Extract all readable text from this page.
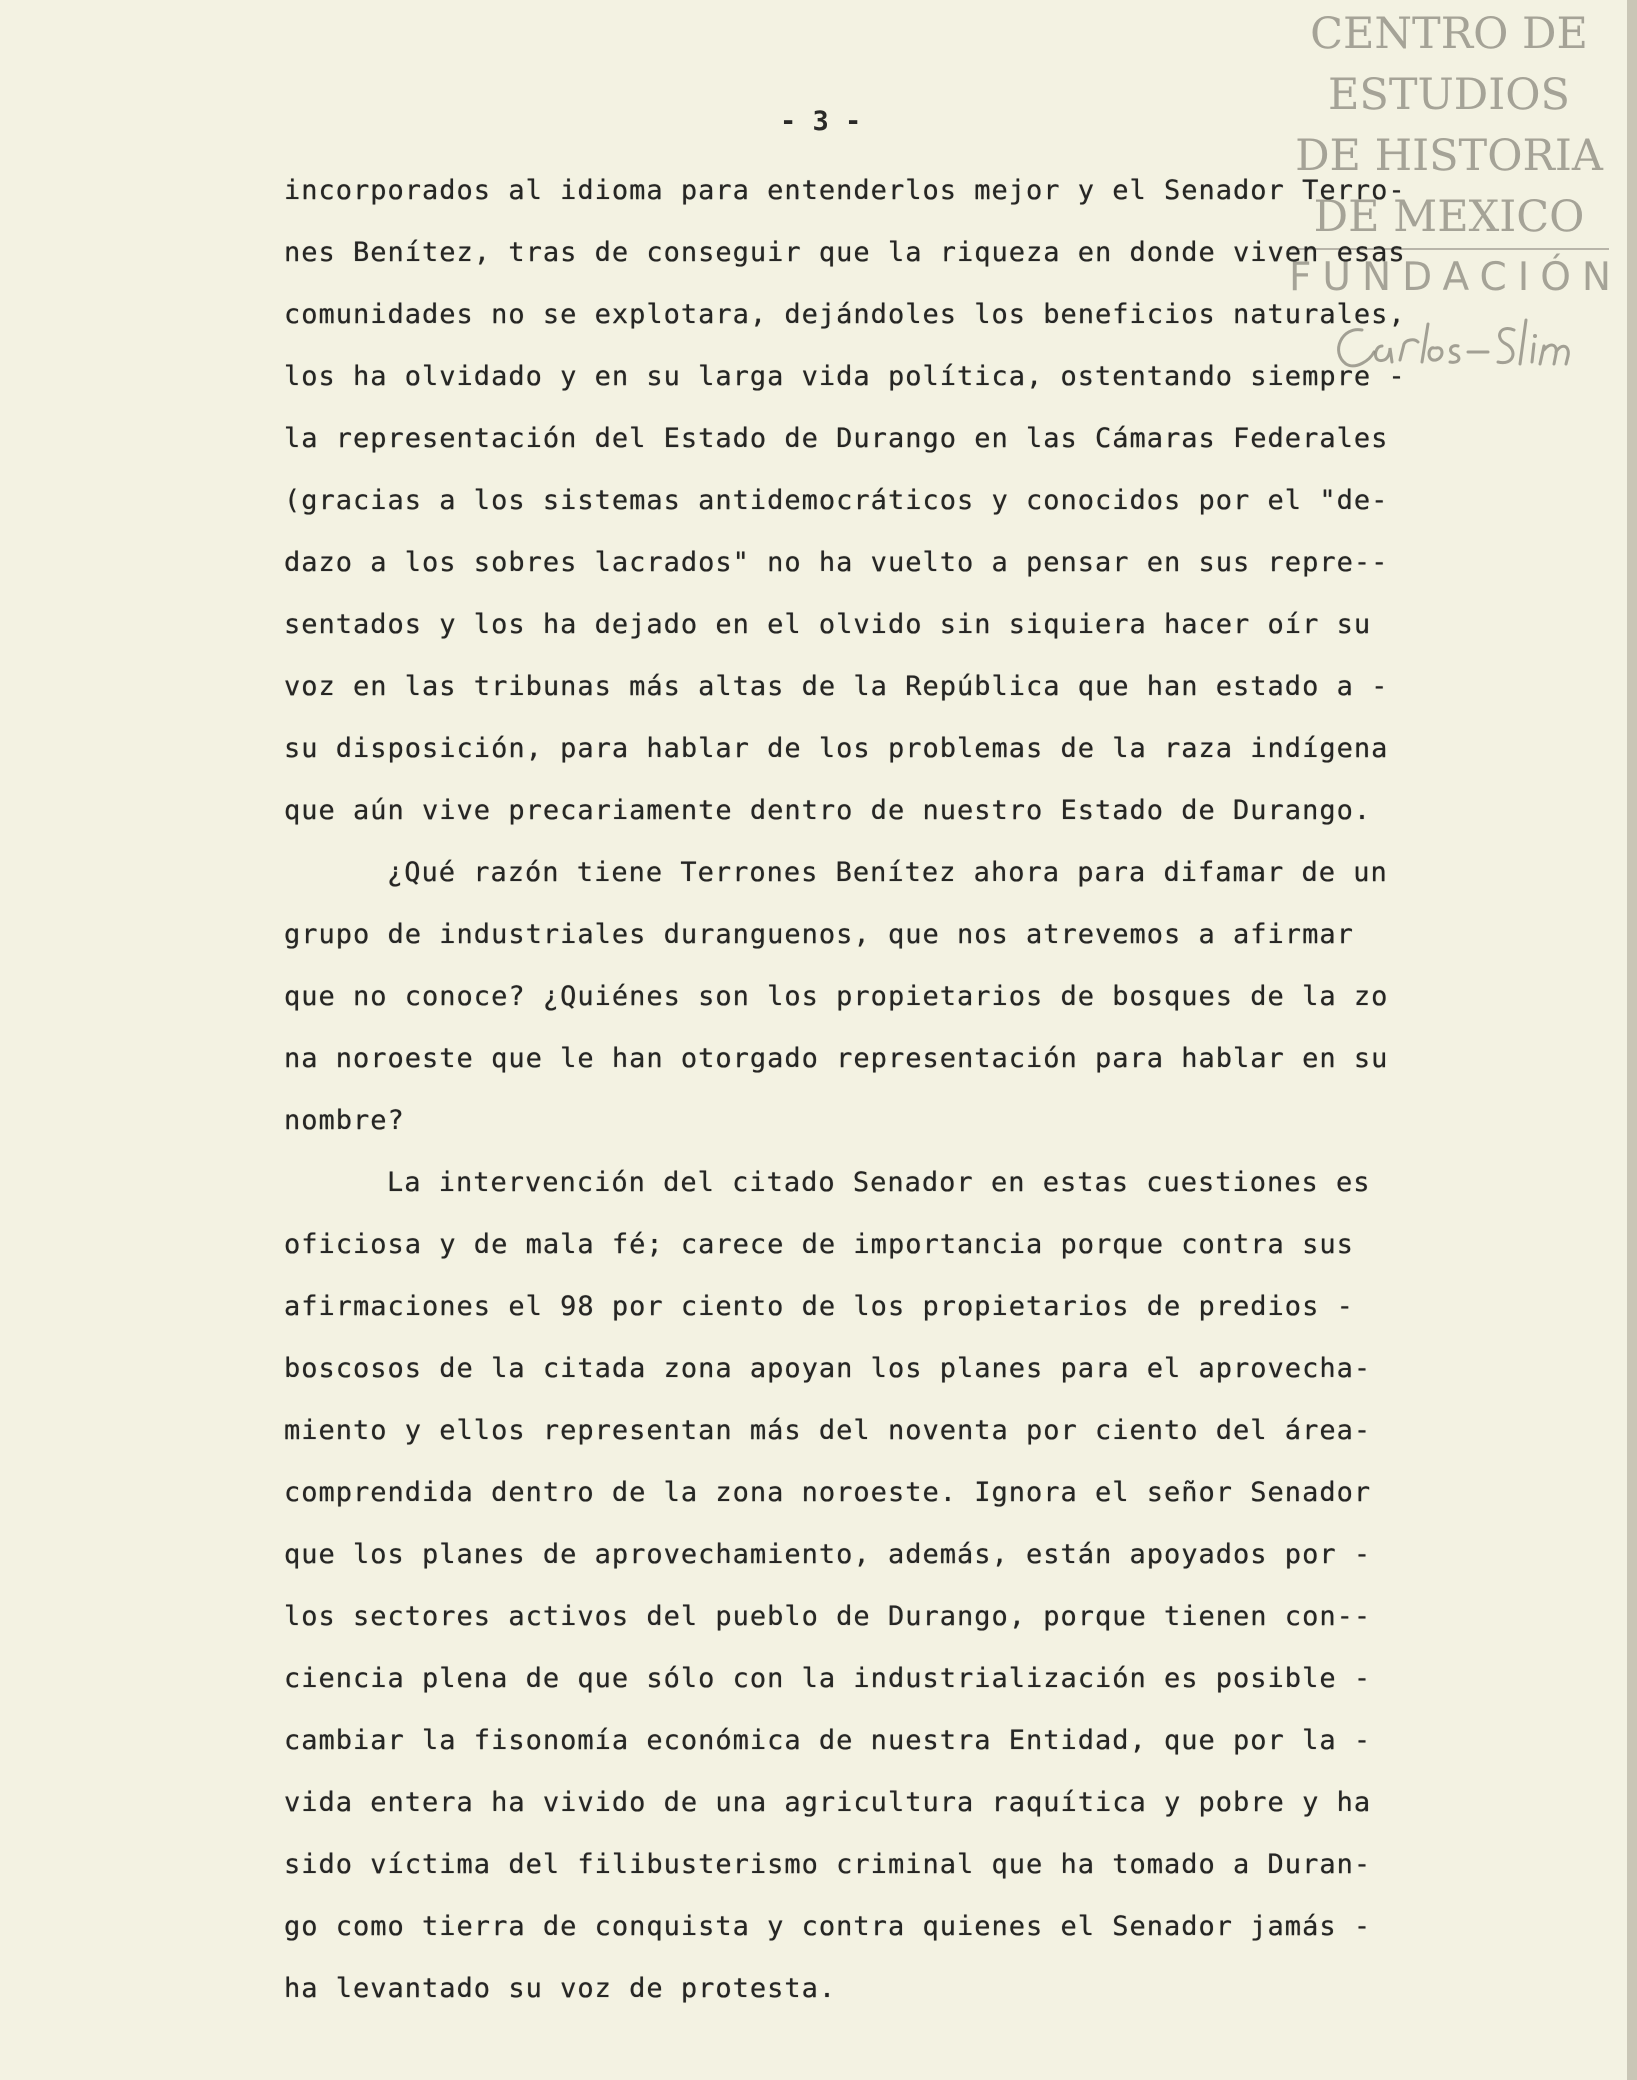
CENTRO DE
ESTUDIOS
DE HISTORIA
DE MEXICO
FUNDACIÓN
- 3 -
incorporados al idioma para entenderlos mejor y el Senador Terro-
nes Benítez, tras de conseguir que la riqueza en donde viven esas
comunidades no se explotara, dejándoles los beneficios naturales,
los ha olvidado y en su larga vida política, ostentando siempre -
la representación del Estado de Durango en las Cámaras Federales
(gracias a los sistemas antidemocráticos y conocidos por el "de-
dazo a los sobres lacrados" no ha vuelto a pensar en sus repre--
sentados y los ha dejado en el olvido sin siquiera hacer oír su
voz en las tribunas más altas de la República que han estado a -
su disposición, para hablar de los problemas de la raza indígena
que aún vive precariamente dentro de nuestro Estado de Durango.
¿Qué razón tiene Terrones Benítez ahora para difamar de un
grupo de industriales duranguenos, que nos atrevemos a afirmar
que no conoce? ¿Quiénes son los propietarios de bosques de la zo
na noroeste que le han otorgado representación para hablar en su
nombre?
La intervención del citado Senador en estas cuestiones es
oficiosa y de mala fé; carece de importancia porque contra sus
afirmaciones el 98 por ciento de los propietarios de predios -
boscosos de la citada zona apoyan los planes para el aprovecha-
miento y ellos representan más del noventa por ciento del área-
comprendida dentro de la zona noroeste. Ignora el señor Senador
que los planes de aprovechamiento, además, están apoyados por -
los sectores activos del pueblo de Durango, porque tienen con--
ciencia plena de que sólo con la industrialización es posible -
cambiar la fisonomía económica de nuestra Entidad, que por la -
vida entera ha vivido de una agricultura raquítica y pobre y ha
sido víctima del filibusterismo criminal que ha tomado a Duran-
go como tierra de conquista y contra quienes el Senador jamás -
ha levantado su voz de protesta.
